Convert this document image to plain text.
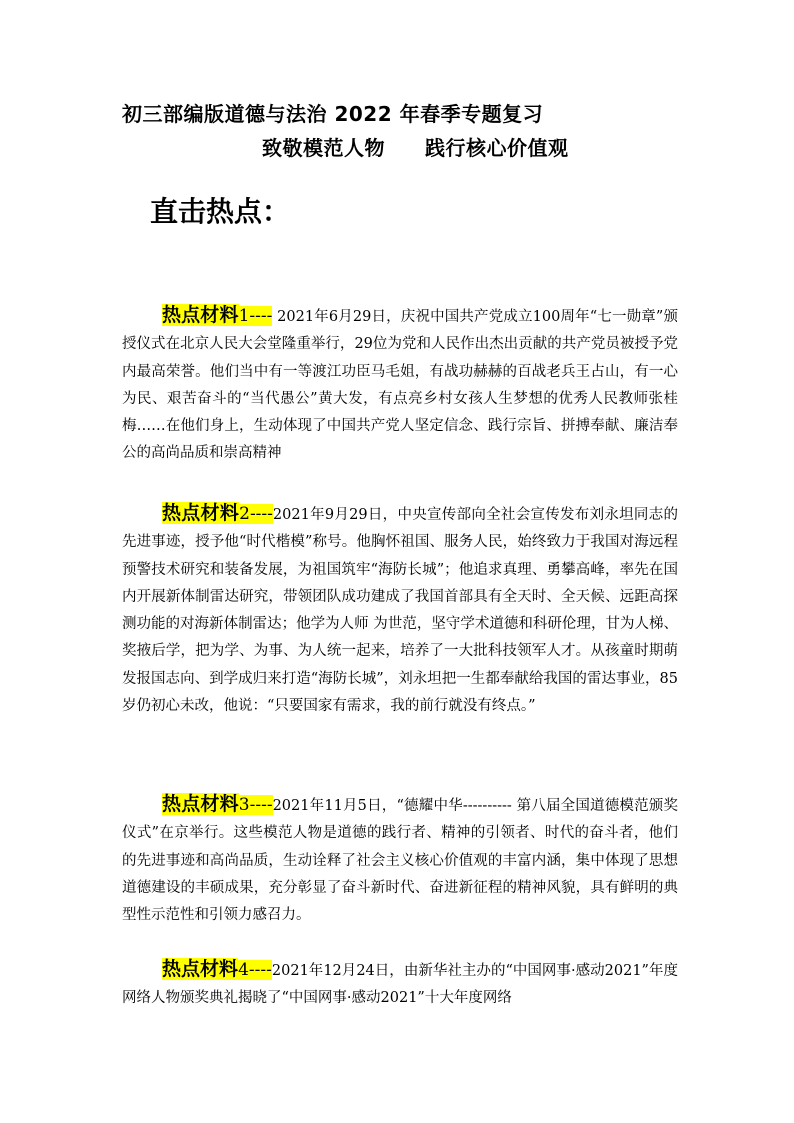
初三部编版道德与法治 2022 年春季专题复习
致敬模范人物 践行核心价值观
直击热点：

热点材料1---- 2021年6月29日，庆祝中国共产党成立100周年“七一勋章”颁授仪式在北京人民大会堂隆重举行，29位为党和人民作出杰出贡献的共产党员被授予党内最高荣誉。他们当中有一等渡江功臣马毛姐，有战功赫赫的百战老兵王占山，有一心为民、艰苦奋斗的“当代愚公”黄大发，有点亮乡村女孩人生梦想的优秀人民教师张桂梅……在他们身上，生动体现了中国共产党人坚定信念、践行宗旨、拼搏奉献、廉洁奉公的高尚品质和崇高精神

热点材料2----2021年9月29日，中央宣传部向全社会宣传发布刘永坦同志的先进事迹，授予他“时代楷模”称号。他胸怀祖国、服务人民，始终致力于我国对海远程预警技术研究和装备发展，为祖国筑牢“海防长城”；他追求真理、勇攀高峰，率先在国内开展新体制雷达研究，带领团队成功建成了我国首部具有全天时、全天候、远距高探测功能的对海新体制雷达；他学为人师 为世范，坚守学术道德和科研伦理，甘为人梯、奖掖后学，把为学、为事、为人统一起来，培养了一大批科技领军人才。从孩童时期萌发报国志向、到学成归来打造“海防长城”，刘永坦把一生都奉献给我国的雷达事业，85岁仍初心未改，他说：“只要国家有需求，我的前行就没有终点。”

热点材料3----2021年11月5日，“德耀中华---------- 第八届全国道德模范颁奖仪式”在京举行。这些模范人物是道德的践行者、精神的引领者、时代的奋斗者，他们的先进事迹和高尚品质，生动诠释了社会主义核心价值观的丰富内涵，集中体现了思想道德建设的丰硕成果，充分彰显了奋斗新时代、奋进新征程的精神风貌，具有鲜明的典型性示范性和引领力感召力。

热点材料4----2021年12月24日，由新华社主办的“中国网事·感动2021”年度网络人物颁奖典礼揭晓了“中国网事·感动2021”十大年度网络
